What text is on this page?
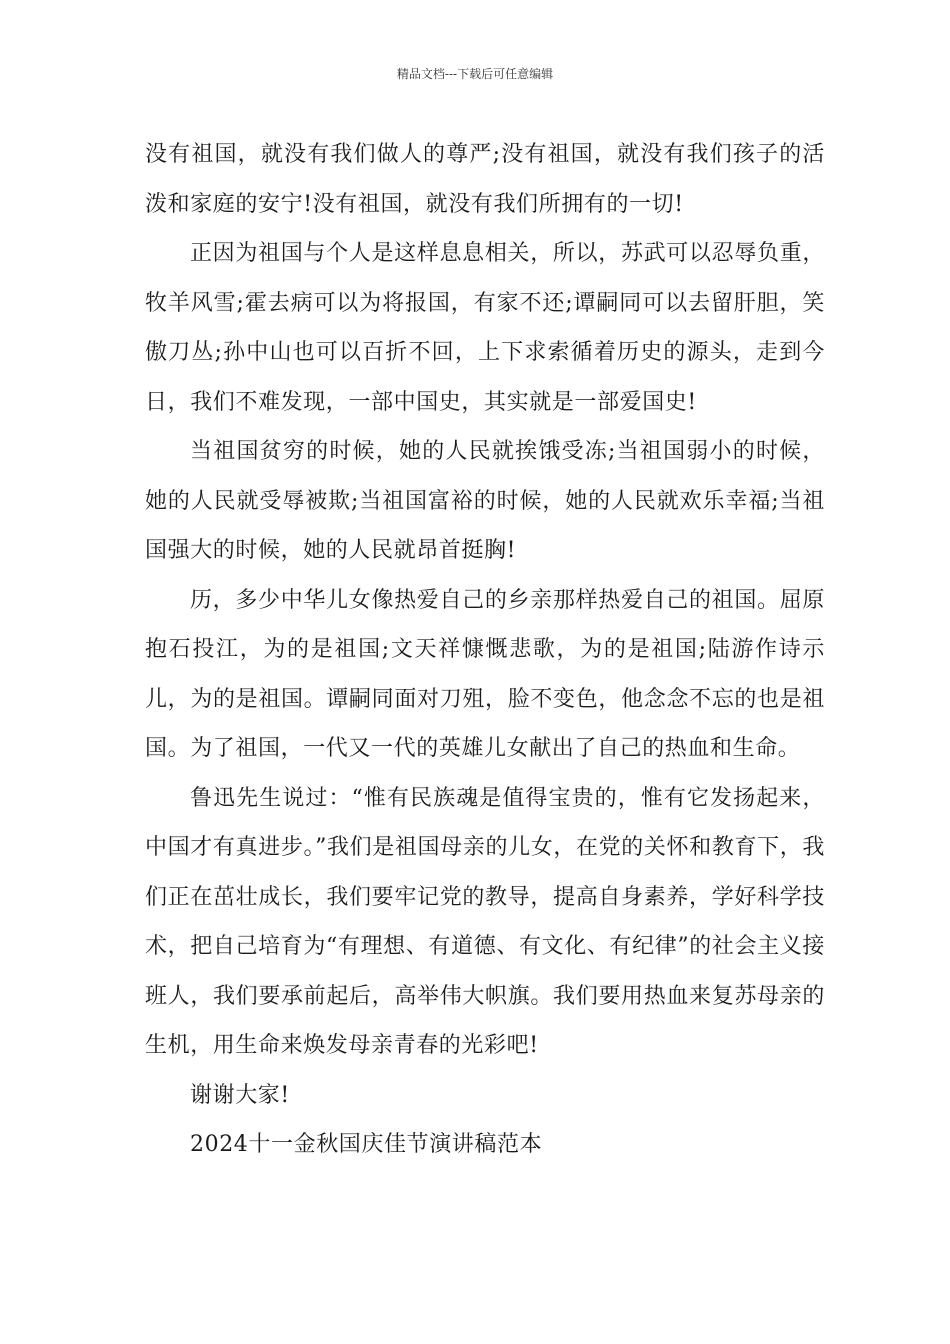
精品文档---下载后可任意编辑

没有祖国，就没有我们做人的尊严;没有祖国，就没有我们孩子的活泼和家庭的安宁!没有祖国，就没有我们所拥有的一切!

正因为祖国与个人是这样息息相关，所以，苏武可以忍辱负重，牧羊风雪;霍去病可以为将报国，有家不还;谭嗣同可以去留肝胆，笑傲刀丛;孙中山也可以百折不回，上下求索循着历史的源头，走到今日，我们不难发现，一部中国史，其实就是一部爱国史!

当祖国贫穷的时候，她的人民就挨饿受冻;当祖国弱小的时候，她的人民就受辱被欺;当祖国富裕的时候，她的人民就欢乐幸福;当祖国强大的时候，她的人民就昂首挺胸!

历，多少中华儿女像热爱自己的乡亲那样热爱自己的祖国。屈原抱石投江，为的是祖国;文天祥慷慨悲歌，为的是祖国;陆游作诗示儿，为的是祖国。谭嗣同面对刀殂，脸不变色，他念念不忘的也是祖国。为了祖国，一代又一代的英雄儿女献出了自己的热血和生命。

鲁迅先生说过：“惟有民族魂是值得宝贵的，惟有它发扬起来，中国才有真进步。”我们是祖国母亲的儿女，在党的关怀和教育下，我们正在茁壮成长，我们要牢记党的教导，提高自身素养，学好科学技术，把自己培育为“有理想、有道德、有文化、有纪律”的社会主义接班人，我们要承前起后，高举伟大帜旗。我们要用热血来复苏母亲的生机，用生命来焕发母亲青春的光彩吧!

谢谢大家!

2024十一金秋国庆佳节演讲稿范本
